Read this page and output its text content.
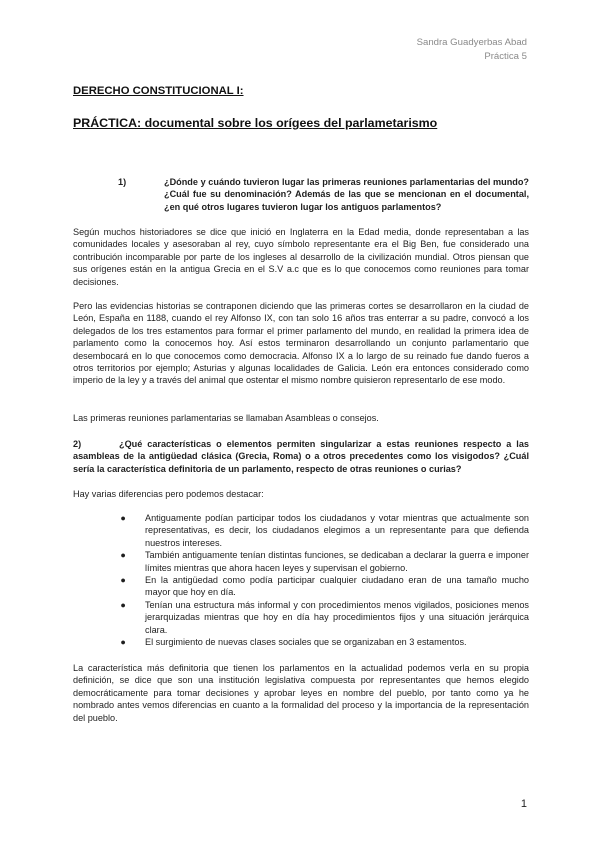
Sandra Guadyerbas Abad
Práctica 5
DERECHO CONSTITUCIONAL I:
PRÁCTICA: documental sobre los orígees del parlametarismo
1)	¿Dónde y cuándo tuvieron lugar las primeras reuniones parlamentarias del mundo? ¿Cuál fue su denominación? Además de las que se mencionan en el documental, ¿en qué otros lugares tuvieron lugar los antiguos parlamentos?

Según muchos historiadores se dice que inició en Inglaterra en la Edad media, donde representaban a las comunidades locales y asesoraban al rey, cuyo símbolo representante era el Big Ben, fue considerado una contribución incomparable por parte de los ingleses al desarrollo de la civilización mundial. Otros piensan que sus orígenes están en la antigua Grecia en el S.V a.c que es lo que conocemos como reuniones para tomar decisiones.

Pero las evidencias historias se contraponen diciendo que las primeras cortes se desarrollaron en la ciudad de León, España en 1188, cuando el rey Alfonso IX, con tan solo 16 años tras enterrar a su padre, convocó a los delegados de los tres estamentos para formar el primer parlamento del mundo, en realidad la primera idea de parlamento como la conocemos hoy. Así estos terminaron desarrollando un conjunto parlamentario que desembocará en lo que conocemos como democracia. Alfonso IX a lo largo de su reinado fue dando fueros a otros territorios por ejemplo; Asturias y algunas localidades de Galicia. León era entonces considerado como imperio de la ley y a través del animal que ostentar el mismo nombre quisieron representarlo de ese modo.

Las primeras reuniones parlamentarias se llamaban Asambleas o consejos.

2)	¿Qué características o elementos permiten singularizar a estas reuniones respecto a las asambleas de la antigüedad clásica (Grecia, Roma) o a otros precedentes como los visigodos? ¿Cuál sería la característica definitoria de un parlamento, respecto de otras reuniones o curias?

Hay varias diferencias pero podemos destacar:

● Antiguamente podían participar todos los ciudadanos y votar mientras que actualmente son representativas, es decir, los ciudadanos elegimos a un representante para que defienda nuestros intereses.
● También antiguamente tenían distintas funciones, se dedicaban a declarar la guerra e imponer límites mientras que ahora hacen leyes y supervisan el gobierno.
● En la antigüedad como podía participar cualquier ciudadano eran de una tamaño mucho mayor que hoy en día.
● Tenían una estructura más informal y con procedimientos menos vigilados, posiciones menos jerarquizadas mientras que hoy en día hay procedimientos fijos y una situación jerárquica clara.
● El surgimiento de nuevas clases sociales que se organizaban en 3 estamentos.

La característica más definitoria que tienen los parlamentos en la actualidad podemos verla en su propia definición, se dice que son una institución legislativa compuesta por representantes que hemos elegido democráticamente para tomar decisiones y aprobar leyes en nombre del pueblo, por tanto como ya he nombrado antes vemos diferencias en cuanto a la formalidad del proceso y la importancia de la representación del pueblo.

1
